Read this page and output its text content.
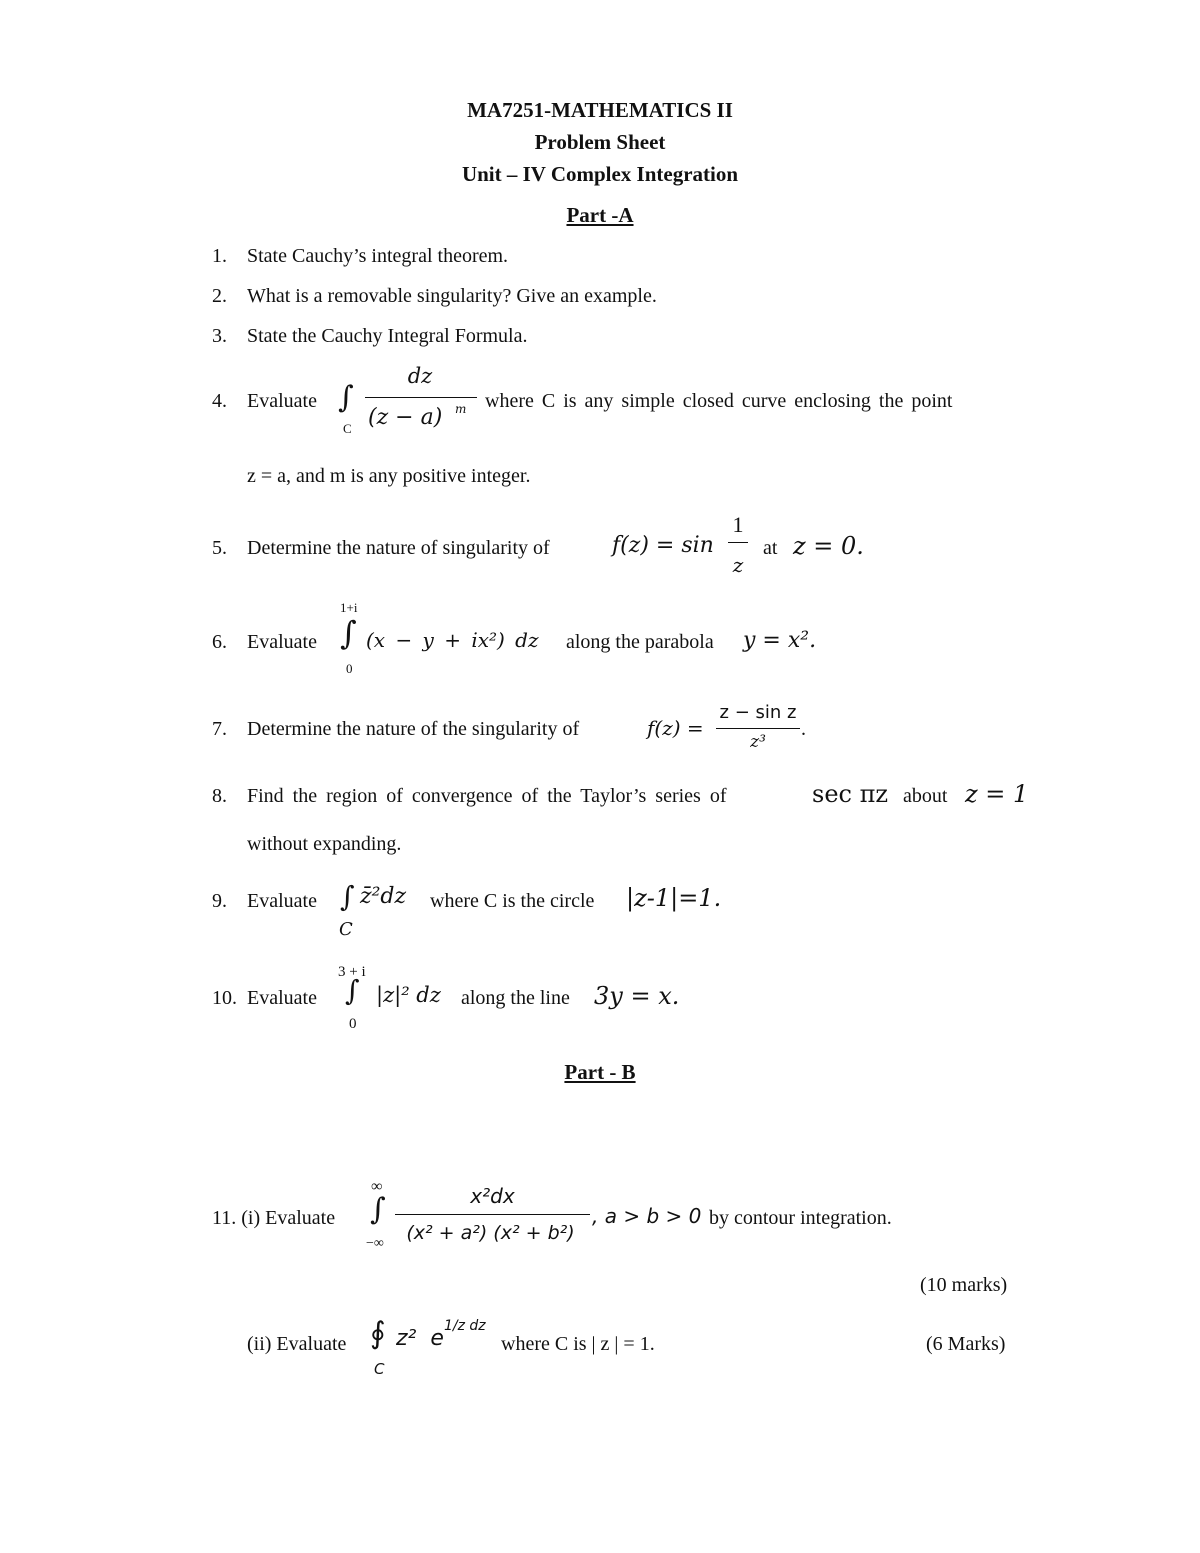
MA7251-MATHEMATICS II
Problem Sheet
Unit – IV Complex Integration
Part -A
1. State Cauchy’s integral theorem.
2. What is a removable singularity? Give an example.
3. State the Cauchy Integral Formula.
4. Evaluate ∫
C
dz
(z − a) m where C is any simple closed curve enclosing the point
z = a, and m is any positive integer.
5. Determine the nature of singularity of	f(z) = sin
1
z
at z = 0.
6. Evaluate
1+i
∫
0
(x − y + ix²) dz along the parabola y = x².
7. Determine the nature of the singularity of	f(z) =
z − sin z
z³
.
8. Find the region of convergence of the Taylor’s series of	sec πz about z = 1
without expanding.
9. Evaluate ∫
C
z̄²dz where C is the circle |z-1|=1.
10. Evaluate
3 + i
∫
0
|z|² dz along the line 3y = x.
Part - B
11. (i) Evaluate
∞
∫
−∞
x²dx
(x² + a²) (x² + b²)
, a > b > 0 by contour integration.
(10 marks)
(ii) Evaluate ∮
C
z²  e 1/z dz
where C is | z | = 1.	(6 Marks)
